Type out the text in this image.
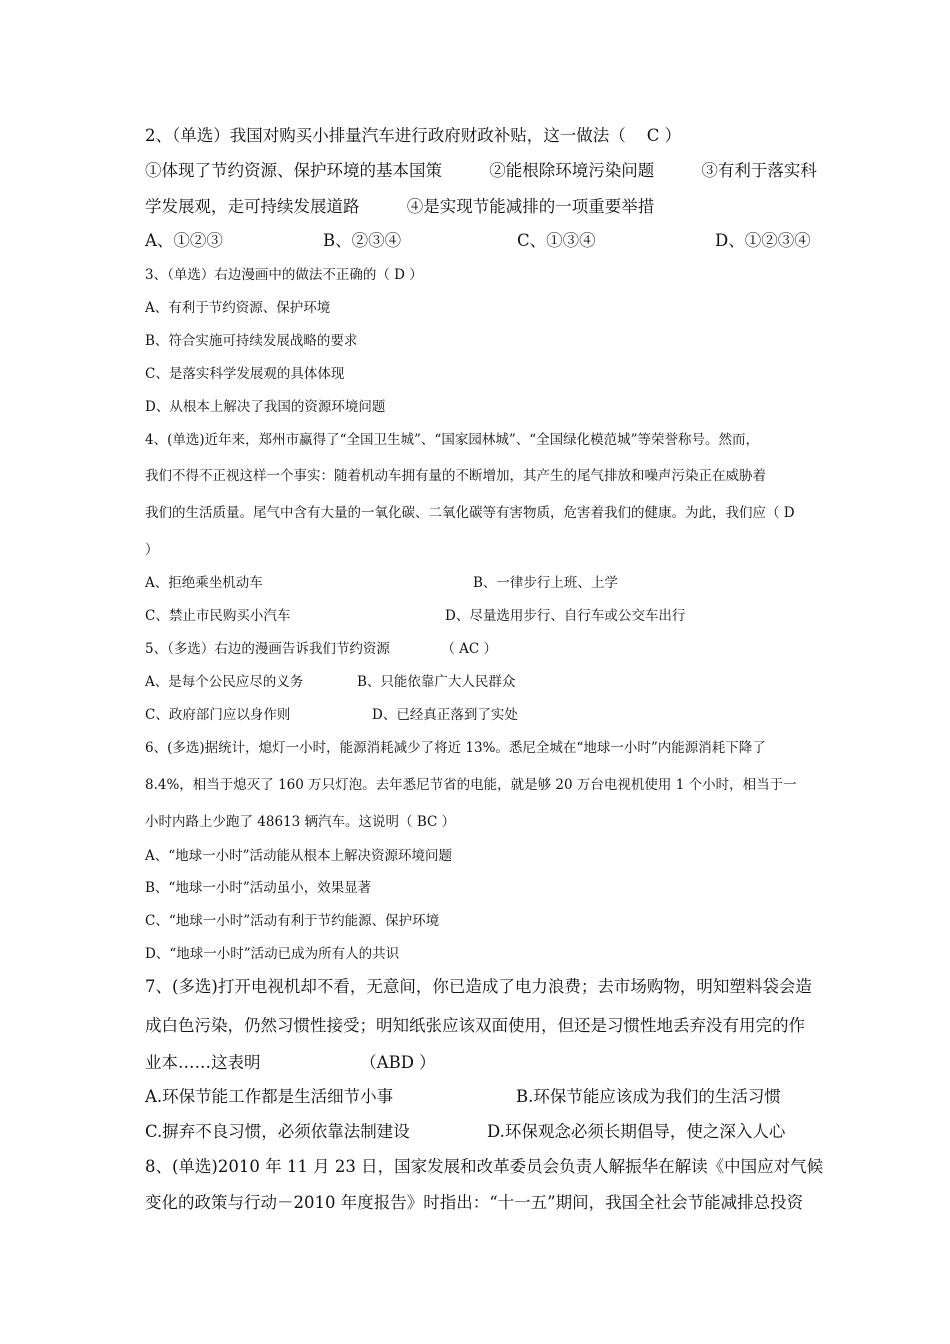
2、（单选）我国对购买小排量汽车进行政府财政补贴，这一做法（    C ）
①体现了节约资源、保护环境的基本国策         ②能根除环境污染问题         ③有利于落实科
学发展观，走可持续发展道路         ④是实现节能减排的一项重要举措
A、①②③	B、②③④	C、①③④	D、①②③④
3、（单选）右边漫画中的做法不正确的（ D ）
A、有利于节约资源、保护环境
B、符合实施可持续发展战略的要求
C、是落实科学发展观的具体体现
D、从根本上解决了我国的资源环境问题
4、(单选)近年来，郑州市赢得了“全国卫生城”、“国家园林城”、“全国绿化模范城”等荣誉称号。然而，
我们不得不正视这样一个事实：随着机动车拥有量的不断增加，其产生的尾气排放和噪声污染正在威胁着
我们的生活质量。尾气中含有大量的一氧化碳、二氧化碳等有害物质，危害着我们的健康。为此，我们应（ D
）
A、拒绝乘坐机动车	B、一律步行上班、上学
C、禁止市民购买小汽车	D、尽量选用步行、自行车或公交车出行
5、（多选）右边的漫画告诉我们节约资源            （ AC ）
A、是每个公民应尽的义务	B、只能依靠广大人民群众
C、政府部门应以身作则	D、已经真正落到了实处
6、(多选)据统计，熄灯一小时，能源消耗减少了将近 13%。悉尼全城在“地球一小时”内能源消耗下降了
8.4%，相当于熄灭了 160 万只灯泡。去年悉尼节省的电能，就是够 20 万台电视机使用 1 个小时，相当于一
小时内路上少跑了 48613 辆汽车。这说明（ BC ）
A、“地球一小时”活动能从根本上解决资源环境问题
B、“地球一小时”活动虽小，效果显著
C、“地球一小时”活动有利于节约能源、保护环境
D、“地球一小时”活动已成为所有人的共识
7、(多选)打开电视机却不看，无意间，你已造成了电力浪费；去市场购物，明知塑料袋会造
成白色污染，仍然习惯性接受；明知纸张应该双面使用，但还是习惯性地丢弃没有用完的作
业本……这表明                   （ABD ）
A.环保节能工作都是生活细节小事	B.环保节能应该成为我们的生活习惯
C.摒弃不良习惯，必须依靠法制建设	D.环保观念必须长期倡导，使之深入人心
8、(单选)2010 年 11 月 23 日，国家发展和改革委员会负责人解振华在解读《中国应对气候
变化的政策与行动－2010 年度报告》时指出：“十一五”期间，我国全社会节能减排总投资
